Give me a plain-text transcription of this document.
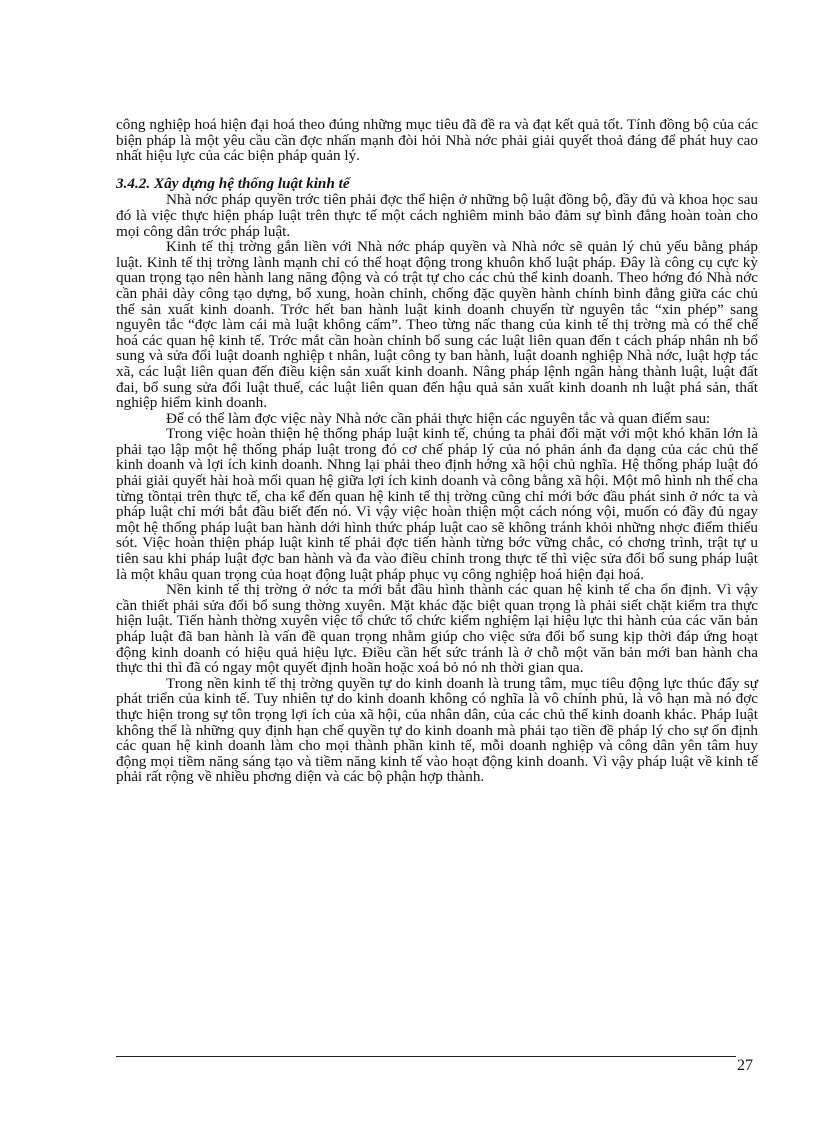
công nghiệp hoá hiện đại hoá theo đúng những mục tiêu đã đề ra và đạt kết quả tốt. Tính đồng bộ của các biện pháp là một yêu cầu cần đợc nhấn mạnh đòi hỏi Nhà nớc phải giải quyết thoả đáng để phát huy cao nhất hiệu lực của các biện pháp quản lý.

3.4.2. Xây dựng hệ thống luật kinh tế

Nhà nớc pháp quyền trớc tiên phải đợc thể hiện ở những bộ luật đồng bộ, đầy đủ và khoa học sau đó là việc thực hiện pháp luật trên thực tế một cách nghiêm minh bảo đảm sự bình đẳng hoàn toàn cho mọi công dân trớc pháp luật.

Kinh tế thị trờng gắn liền với Nhà nớc pháp quyền và Nhà nớc sẽ quản lý chủ yếu bằng pháp luật. Kinh tế thị trờng lành mạnh chỉ có thể hoạt động trong khuôn khổ luật pháp. Đây là công cụ cực kỳ quan trọng tạo nên hành lang năng động và có trật tự cho các chủ thể kinh doanh. Theo hớng đó Nhà nớc cần phải dày công tạo dựng, bổ xung, hoàn chỉnh, chống đặc quyền hành chính bình đẳng giữa các chủ thể sản xuất kinh doanh. Trớc hết ban hành luật kinh doanh chuyển từ nguyên tắc “xin phép” sang nguyên tắc “đợc làm cái mà luật không cấm”. Theo từng nấc thang của kinh tế thị trờng mà có thể chế hoá các quan hệ kinh tế. Trớc mắt cần hoàn chỉnh bổ sung các luật liên quan đến t cách pháp nhân nh bổ sung và sửa đổi luật doanh nghiệp t nhân, luật công ty ban hành, luật doanh nghiệp Nhà nớc, luật hợp tác xã, các luật liên quan đến điều kiện sản xuất kinh doanh. Nâng pháp lệnh ngân hàng thành luật, luật đất đai, bổ sung sửa đổi luật thuế, các luật liên quan đến hậu quả sản xuất kinh doanh nh luật phá sản, thất nghiệp hiểm kinh doanh.

Để có thể làm đợc việc này Nhà nớc cần phải thực hiện các nguyên tắc và quan điểm sau:

Trong việc hoàn thiện hệ thống pháp luật kinh tế, chúng ta phải đối mặt với một khó khăn lớn là phải tạo lập một hệ thống pháp luật trong đó cơ chế pháp lý của nó phản ánh đa dạng của các chủ thể kinh doanh và lợi ích kinh doanh. Nhng lại phải theo định hớng xã hội chủ nghĩa. Hệ thống pháp luật đó phải giải quyết hài hoà mối quan hệ giữa lợi ích kinh doanh và công bằng xã hội. Một mô hình nh thế cha từng tồntại trên thực tế, cha kể đến quan hệ kinh tế thị trờng cũng chỉ mới bớc đầu phát sinh ở nớc ta và pháp luật chỉ mới bắt đầu biết đến nó. Vì vậy việc hoàn thiện một cách nóng vội, muốn có đầy đủ ngay một hệ thống pháp luật ban hành dới hình thức pháp luật cao sẽ không tránh khỏi những nhợc điểm thiếu sót. Việc hoàn thiện pháp luật kinh tế phải đợc tiến hành từng bớc vững chắc, có chơng trình, trật tự u tiên sau khi pháp luật đợc ban hành và đa vào điều chỉnh trong thực tế thì việc sửa đổi bổ sung pháp luật là một khâu quan trọng của hoạt động luật pháp phục vụ công nghiệp hoá hiện đại hoá.

Nền kinh tế thị trờng ở nớc ta mới bắt đầu hình thành các quan hệ kinh tế cha ổn định. Vì vậy cần thiết phải sửa đổi bổ sung thờng xuyên. Mặt khác đặc biệt quan trọng là phải siết chặt kiểm tra thực hiện luật. Tiến hành thờng xuyên việc tổ chức tổ chức kiểm nghiệm lại hiệu lực thi hành của các văn bản pháp luật đã ban hành là vấn đề quan trọng nhằm giúp cho việc sửa đổi bổ sung kịp thời đáp ứng hoạt động kinh doanh có hiệu quả hiệu lực. Điều cần hết sức tránh là ở chỗ một văn bản mới ban hành cha thực thi thì đã có ngay một quyết định hoãn hoặc xoá bỏ nó nh thời gian qua.

Trong nền kinh tế thị trờng quyền tự do kinh doanh là trung tâm, mục tiêu động lực thúc đẩy sự phát triển của kinh tế. Tuy nhiên tự do kinh doanh không có nghĩa là vô chính phủ, là vô hạn mà nó đợc thực hiện trong sự tôn trọng lợi ích của xã hội, của nhân dân, của các chủ thể kinh doanh khác. Pháp luật không thể là những quy định hạn chế quyền tự do kinh doanh mà phải tạo tiền đề pháp lý cho sự ổn định các quan hệ kinh doanh làm cho mọi thành phần kinh tế, mỗi doanh nghiệp và công dân yên tâm huy động mọi tiềm năng sáng tạo và tiềm năng kinh tế vào hoạt động kinh doanh. Vì vậy pháp luật về kinh tế phải rất rộng về nhiều phơng diện và các bộ phận hợp thành.

27
